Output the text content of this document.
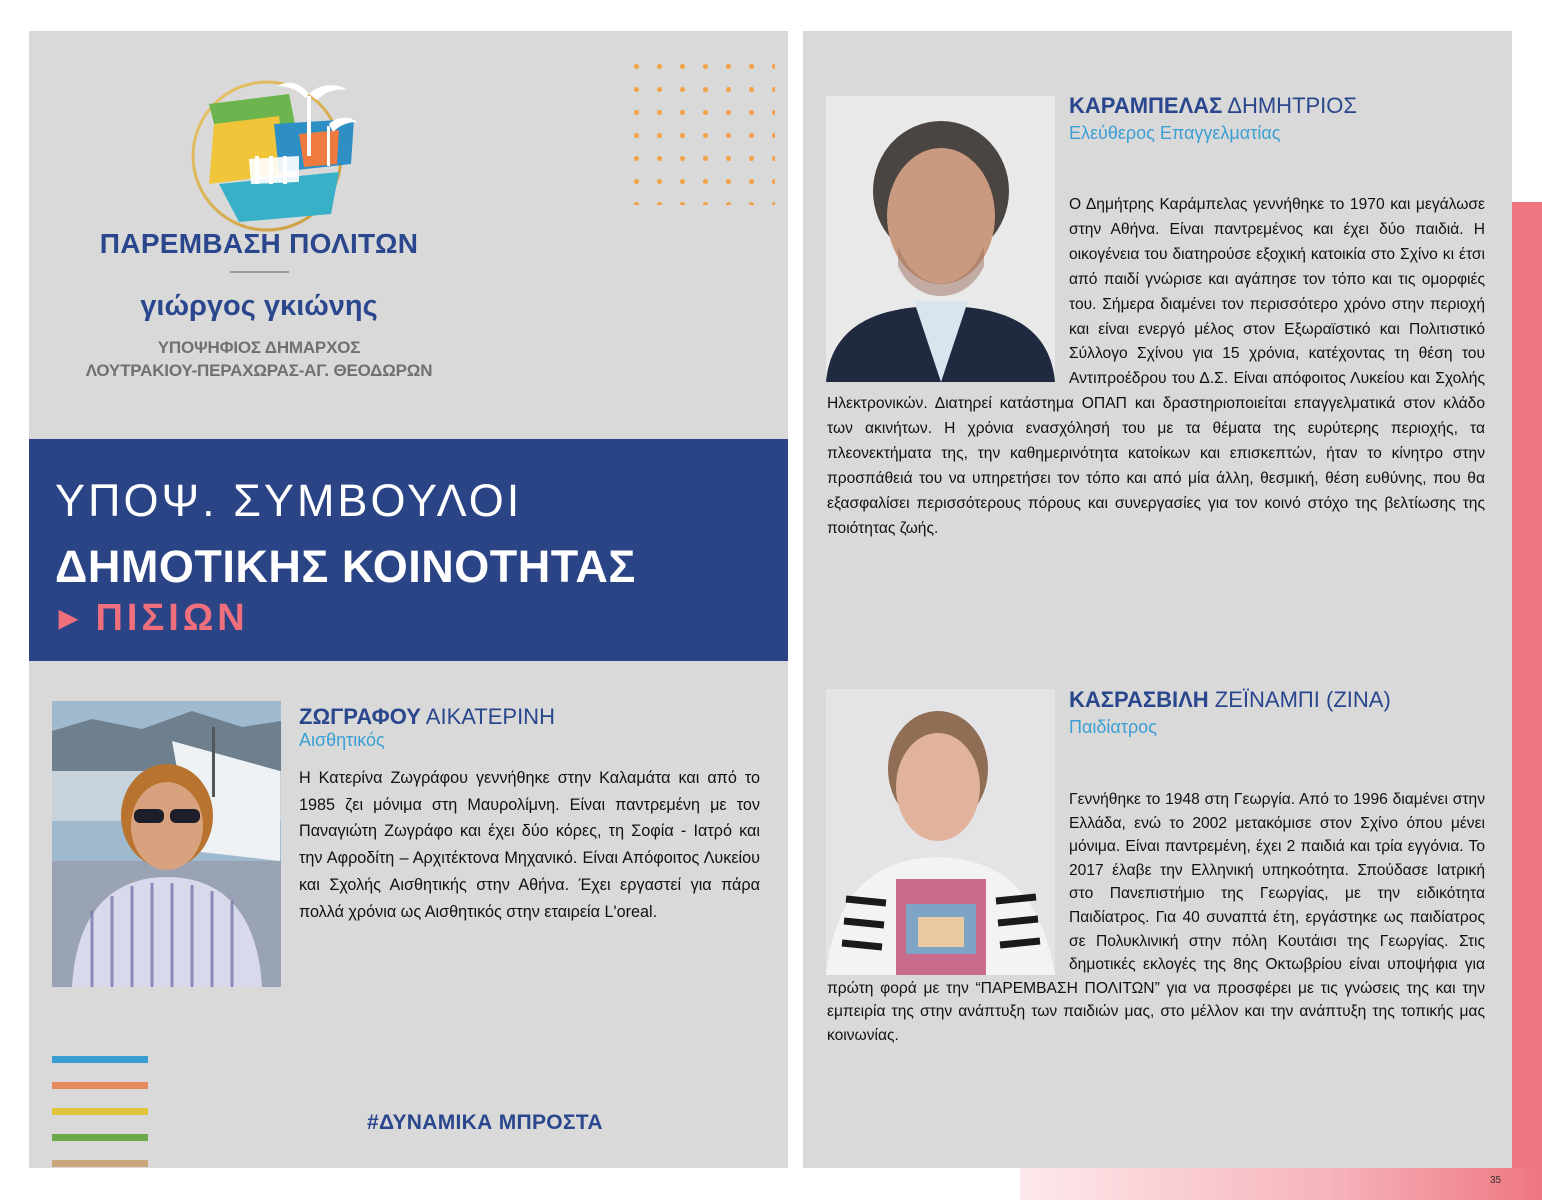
35
ΠΑΡΕΜΒΑΣΗ ΠΟΛΙΤΩΝ
γιώργος γκιώνης
ΥΠΟΨΗΦΙΟΣ ΔΗΜΑΡΧΟΣ
ΛΟΥΤΡΑΚΙΟΥ-ΠΕΡΑΧΩΡΑΣ-ΑΓ. ΘΕΟΔΩΡΩΝ
ΥΠΟΨ. ΣΥΜΒΟΥΛΟΙ
ΔΗΜΟΤΙΚΗΣ ΚΟΙΝΟΤΗΤΑΣ
▶ ΠΙΣΙΩΝ
ΖΩΓΡΑΦΟΥ ΑΙΚΑΤΕΡΙΝΗ
Αισθητικός
Η Κατερίνα Ζωγράφου γεννήθηκε στην Καλαμάτα και από το 1985 ζει μόνιμα στη Μαυρολίμνη. Είναι παντρεμένη με τον Παναγιώτη Ζωγράφο και έχει δύο κόρες, τη Σοφία - Ιατρό και την Αφροδίτη – Αρχιτέκτονα Μηχανικό. Είναι Απόφοιτος Λυκείου και Σχολής Αισθητικής στην Αθήνα. Έχει εργαστεί για πάρα πολλά χρόνια ως Αισθητικός στην εταιρεία L'oreal.
#ΔΥΝΑΜΙΚΑ ΜΠΡΟΣΤΑ
ΚΑΡΑΜΠΕΛΑΣ ΔΗΜΗΤΡΙΟΣ
Ελεύθερος Επαγγελματίας
Ο Δημήτρης Καράμπελας γεννήθηκε το 1970 και μεγάλωσε στην Αθήνα. Είναι παντρεμένος και έχει δύο παιδιά. Η οικογένεια του διατηρούσε εξοχική κατοικία στο Σχίνο κι έτσι από παιδί γνώρισε και αγάπησε τον τόπο και τις ομορφιές του. Σήμερα διαμένει τον περισσότερο χρόνο στην περιοχή και είναι ενεργό μέλος στον Εξωραϊστικό και Πολιτιστικό Σύλλογο Σχίνου για 15 χρόνια, κατέχοντας τη θέση του Αντιπροέδρου του Δ.Σ. Είναι απόφοιτος Λυκείου και Σχολής Ηλεκτρονικών. Διατηρεί κατάστημα ΟΠΑΠ και δραστηριοποιείται επαγγελματικά στον κλάδο των ακινήτων. Η χρόνια ενασχόλησή του με τα θέματα της ευρύτερης περιοχής, τα πλεονεκτήματα της, την καθημερινότητα κατοίκων και επισκεπτών, ήταν το κίνητρο στην προσπάθειά του να υπηρετήσει τον τόπο και από μία άλλη, θεσμική, θέση ευθύνης, που θα εξασφαλίσει περισσότερους πόρους και συνεργασίες για τον κοινό στόχο της βελτίωσης της ποιότητας ζωής.
ΚΑΣΡΑΣΒΙΛΗ ΖΕΪΝΑΜΠΙ (ΖΙΝΑ)
Παιδίατρος
Γεννήθηκε το 1948 στη Γεωργία. Από το 1996 διαμένει στην Ελλάδα, ενώ το 2002 μετακόμισε στον Σχίνο όπου μένει μόνιμα. Είναι παντρεμένη, έχει 2 παιδιά και τρία εγγόνια. Το 2017 έλαβε την Ελληνική υπηκοότητα. Σπούδασε Ιατρική στο Πανεπιστήμιο της Γεωργίας, με την ειδικότητα Παιδίατρος. Για 40 συναπτά έτη, εργάστηκε ως παιδίατρος σε Πολυκλινική στην πόλη Κουτάισι της Γεωργίας. Στις δημοτικές εκλογές της 8ης Οκτωβρίου είναι υποψήφια για πρώτη φορά με την “ΠΑΡΕΜΒΑΣΗ ΠΟΛΙΤΩΝ” για να προσφέρει με τις γνώσεις της και την εμπειρία της στην ανάπτυξη των παιδιών μας, στο μέλλον και την ανάπτυξη της τοπικής μας κοινωνίας.
